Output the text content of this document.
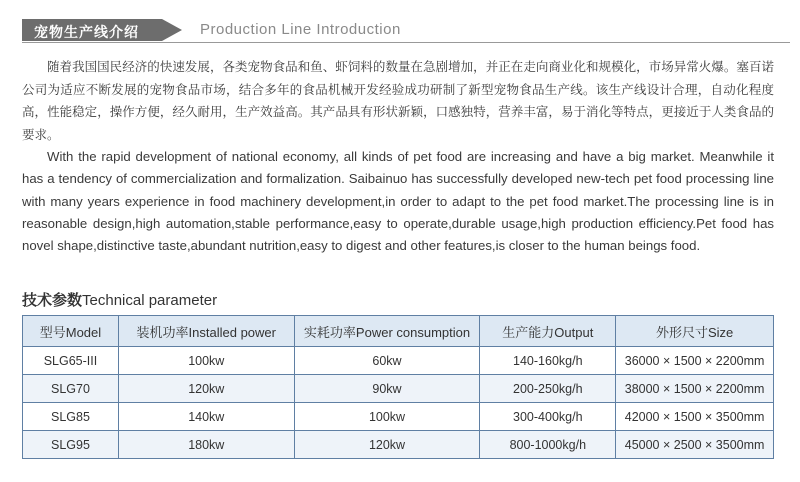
宠物生产线介绍	Production Line Introduction

随着我国国民经济的快速发展，各类宠物食品和鱼、虾饲料的数量在急剧增加，并正在走向商业化和规模化，市场异常火爆。塞百诺公司为适应不断发展的宠物食品市场，结合多年的食品机械开发经验成功研制了新型宠物食品生产线。该生产线设计合理，自动化程度高，性能稳定，操作方便，经久耐用，生产效益高。其产品具有形状新颖，口感独特，营养丰富，易于消化等特点，更接近于人类食品的要求。

With the rapid development of national economy, all kinds of pet food are increasing and have a big market. Meanwhile it has a tendency of commercialization and formalization. Saibainuo has successfully developed new-tech pet food processing line with many years experience in food machinery development,in order to adapt to the pet food market.The processing line is in reasonable design,high automation,stable performance,easy to operate,durable usage,high production efficiency.Pet food has novel shape,distinctive taste,abundant nutrition,easy to digest and other features,is closer to the human beings food.

技术参数Technical parameter
型号Model	装机功率Installed power	实耗功率Power consumption	生产能力Output	外形尺寸Size
SLG65-III	100kw	60kw	140-160kg/h	36000 × 1500 × 2200mm
SLG70	120kw	90kw	200-250kg/h	38000 × 1500 × 2200mm
SLG85	140kw	100kw	300-400kg/h	42000 × 1500 × 3500mm
SLG95	180kw	120kw	800-1000kg/h	45000 × 2500 × 3500mm
